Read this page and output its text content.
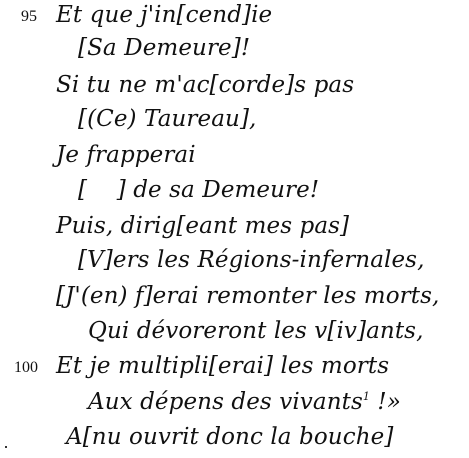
95 Et que j'in[cend]ie
[Sa Demeure]!
Si tu ne m'ac[corde]s pas
[(Ce) Taureau],
Je frapperai
[    ] de sa Demeure!
Puis, dirig[eant mes pas]
[V]ers les Régions-infernales,
[J'(en) f]erai remonter les morts,
Qui dévoreront les v[iv]ants,
100 Et je multipli[erai] les morts
Aux dépens des vivants$^1$ !»
A[nu ouvrit donc la bouche]
